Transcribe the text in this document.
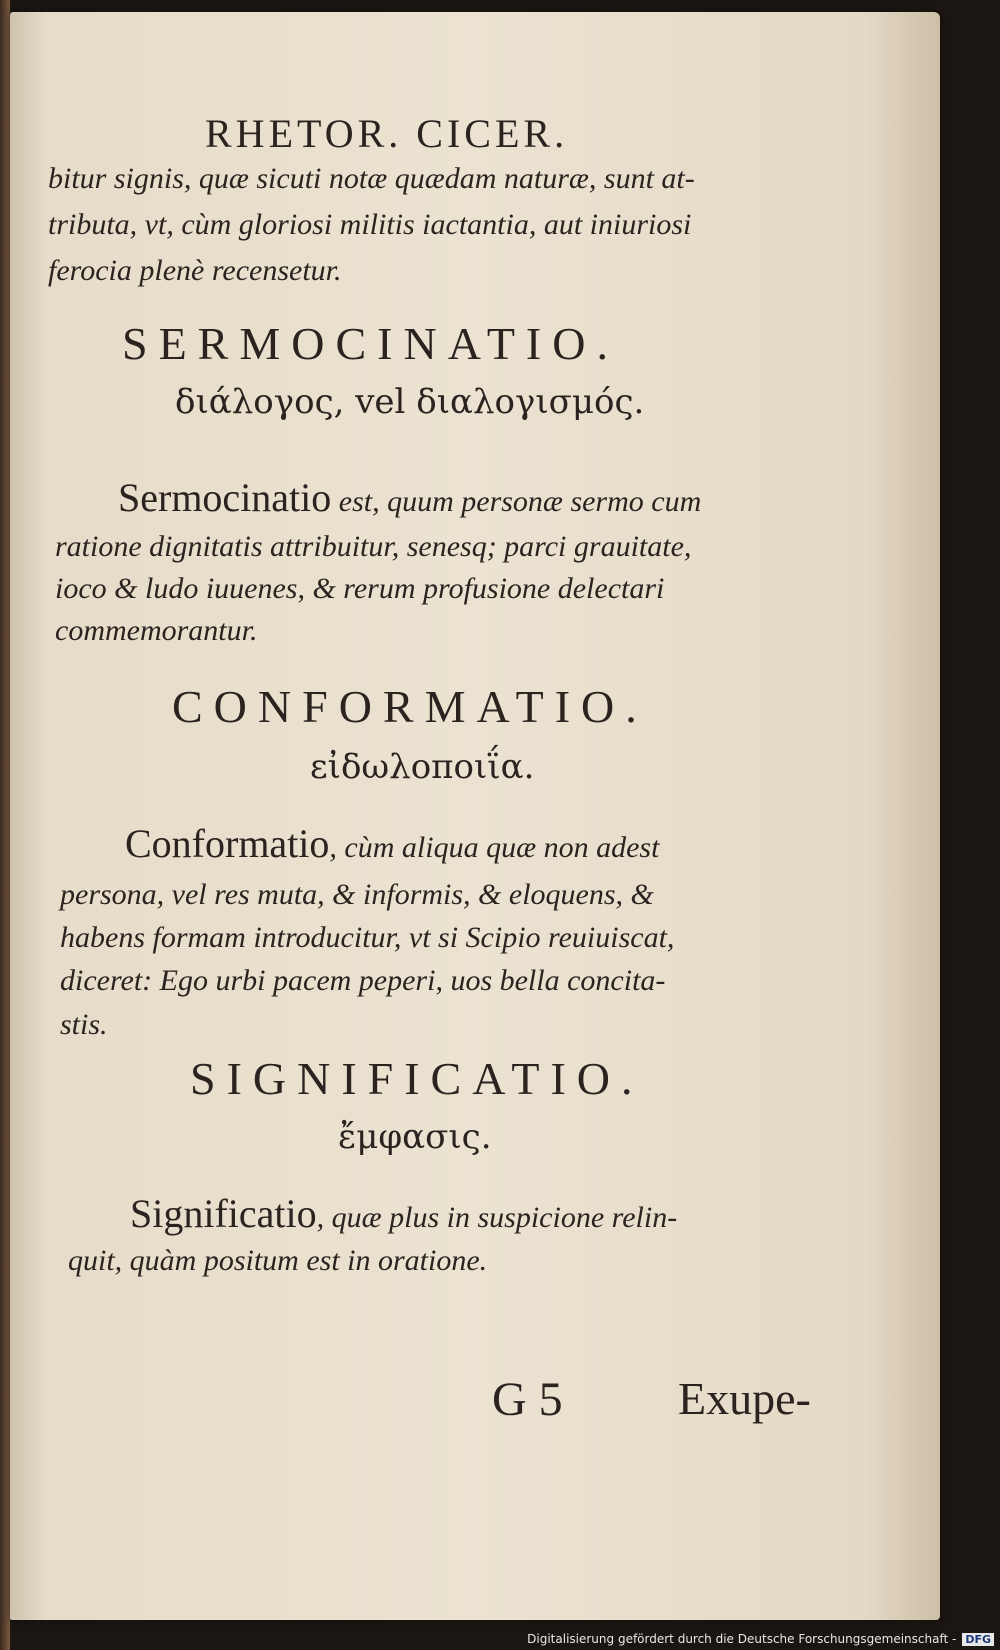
RHETOR. CICER.
bitur signis, quæ sicuti notæ quædam naturæ, sunt at-
tributa, vt, cùm gloriosi militis iactantia, aut iniuriosi
ferocia plenè recensetur.
SERMOCINATIO.
διάλογος, vel διαλογισμός.
Sermocinatio est, quum personæ sermo cum
ratione dignitatis attribuitur, senesq; parci grauitate,
ioco & ludo iuuenes, & rerum profusione delectari
commemorantur.
CONFORMATIO.
εἰδωλοποιΐα.
Conformatio, cùm aliqua quæ non adest
persona, vel res muta, & informis, & eloquens, &
habens formam introducitur, vt si Scipio reuiuiscat,
diceret: Ego urbi pacem peperi, uos bella concita-
stis.
SIGNIFICATIO.
ἔμφασις.
Significatio, quæ plus in suspicione relin-
quit, quàm positum est in oratione.
G 5	Exupe-
Digitalisierung gefördert durch die Deutsche Forschungsgemeinschaft - DFG
